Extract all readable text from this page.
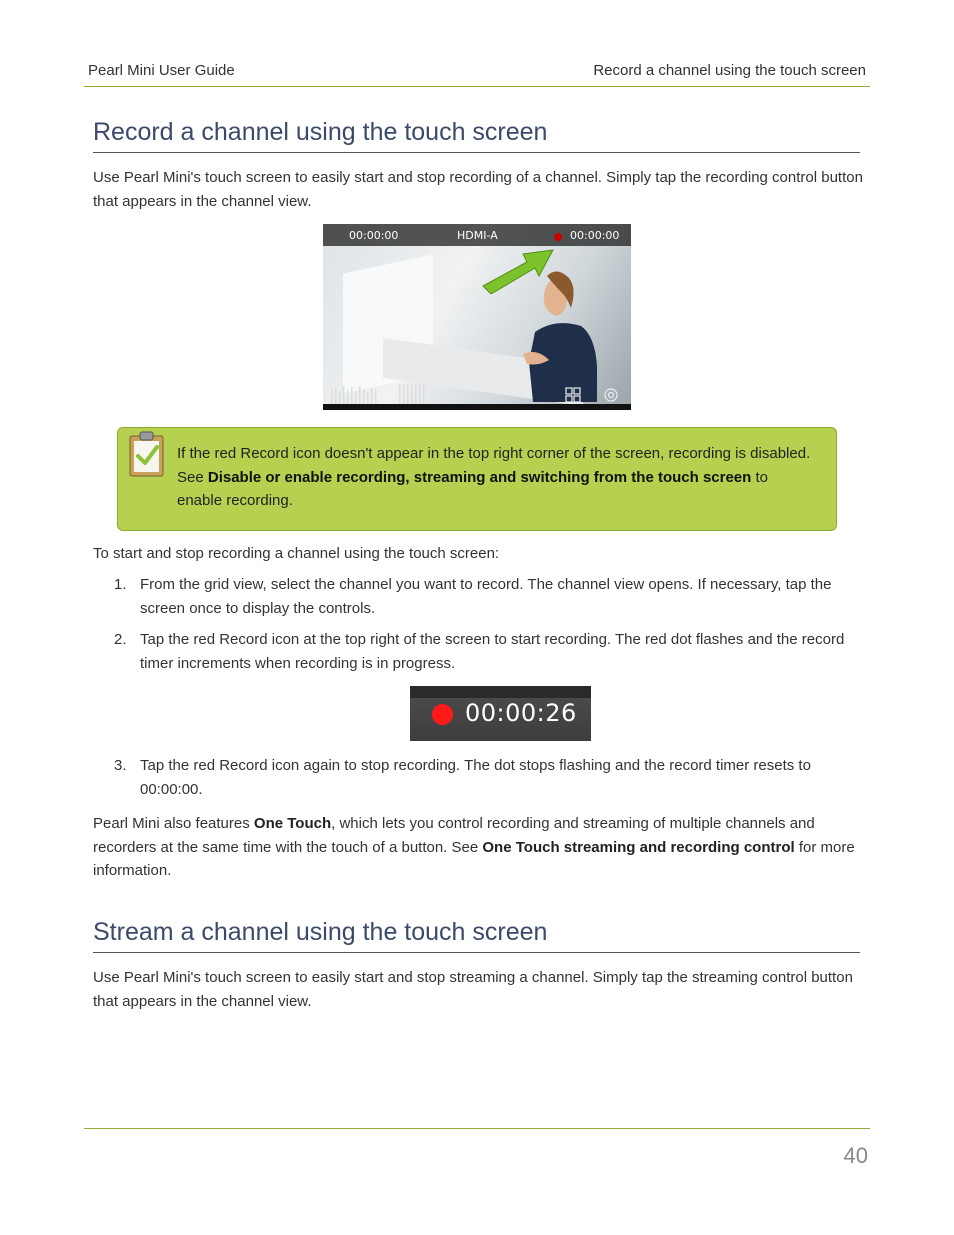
Pearl Mini User Guide	Record a channel using the touch screen
Record a channel using the touch screen

Use Pearl Mini's touch screen to easily start and stop recording of a channel. Simply tap the recording control button that appears in the channel view.

00:00:00	HDMI-A	00:00:00
If the red Record icon doesn't appear in the top right corner of the screen, recording is disabled. See Disable or enable recording, streaming and switching from the touch screen to enable recording.

To start and stop recording a channel using the touch screen:

1. From the grid view, select the channel you want to record. The channel view opens. If necessary, tap the screen once to display the controls.
2. Tap the red Record icon at the top right of the screen to start recording. The red dot flashes and the record timer increments when recording is in progress.
00:00:26
3. Tap the red Record icon again to stop recording. The dot stops flashing and the record timer resets to 00:00:00.

Pearl Mini also features One Touch, which lets you control recording and streaming of multiple channels and recorders at the same time with the touch of a button. See One Touch streaming and recording control for more information.

Stream a channel using the touch screen

Use Pearl Mini's touch screen to easily start and stop streaming a channel. Simply tap the streaming control button that appears in the channel view.

40
